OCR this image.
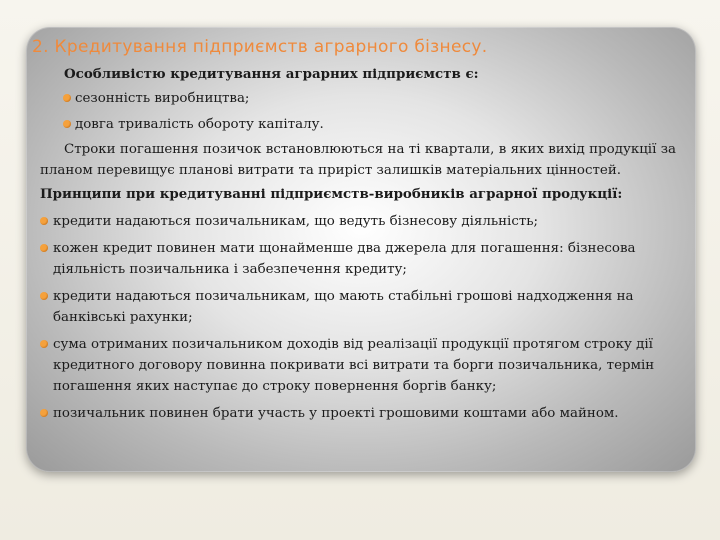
2. Кредитування підприємств аграрного бізнесу.

Особливістю кредитування аграрних підприємств є:

сезонність виробництва;
довга тривалість обороту капіталу.

Строки погашення позичок встановлюються на ті квартали, в яких вихід продукції за планом перевищує планові витрати та приріст залишків матеріальних цінностей.

Принципи при кредитуванні підприємств-виробників аграрної продукції:

кредити надаються позичальникам, що ведуть бізнесову діяльність;
кожен кредит повинен мати щонайменше два джерела для погашення: бізнесова діяльність позичальника і забезпечення кредиту;
кредити надаються позичальникам, що мають стабільні грошові надходження на банківські рахунки;
сума отриманих позичальником доходів від реалізації продукції протягом строку дії кредитного договору повинна покривати всі витрати та борги позичальника, термін погашення яких наступає до строку повернення боргів банку;
позичальник повинен брати участь у проекті грошовими коштами або майном.
